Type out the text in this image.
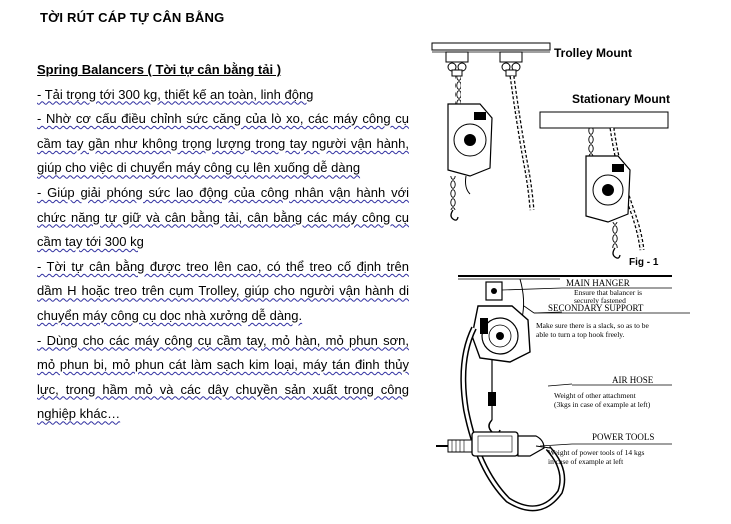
TỜI RÚT CÁP TỰ CÂN BẰNG
Spring Balancers ( Tời tự cân bằng tải )

- Tải trọng tới 300 kg, thiết kế an toàn, linh động

- Nhờ cơ cấu điều chỉnh sức căng của lò xo, các máy công cụ cầm tay gần như không trọng lượng trong tay người vận hành, giúp cho việc di chuyển máy công cụ lên xuống dễ dàng

- Giúp giải phóng sức lao động của công nhân vận hành với chức năng tự giữ và cân bằng tải, cân bằng các máy công cụ cầm tay tới 300 kg

- Tời tự cân bằng được treo lên cao, có thể treo cố định trên dầm H hoặc treo trên cụm Trolley, giúp cho người vận hành di chuyển máy công cụ dọc nhà xưởng dễ dàng.

- Dùng cho các máy công cụ cầm tay, mỏ hàn, mỏ phun sơn, mỏ phun bi, mỏ phun cát làm sạch kim loại, máy tán đinh thủy lực, trong hầm mỏ và các dây chuyền sản xuất trong công nghiệp khác…

Trolley Mount
Stationary Mount
Fig - 1
MAIN HANGER
Ensure that balancer is
securely fastened
SECONDARY SUPPORT
Make sure there is a slack, so as to be
able to turn a top hook freely.
AIR HOSE
Weight of other attachment
(3kgs in case of example at left)
POWER TOOLS
Weight of power tools of 14 kgs
in case of example at left
